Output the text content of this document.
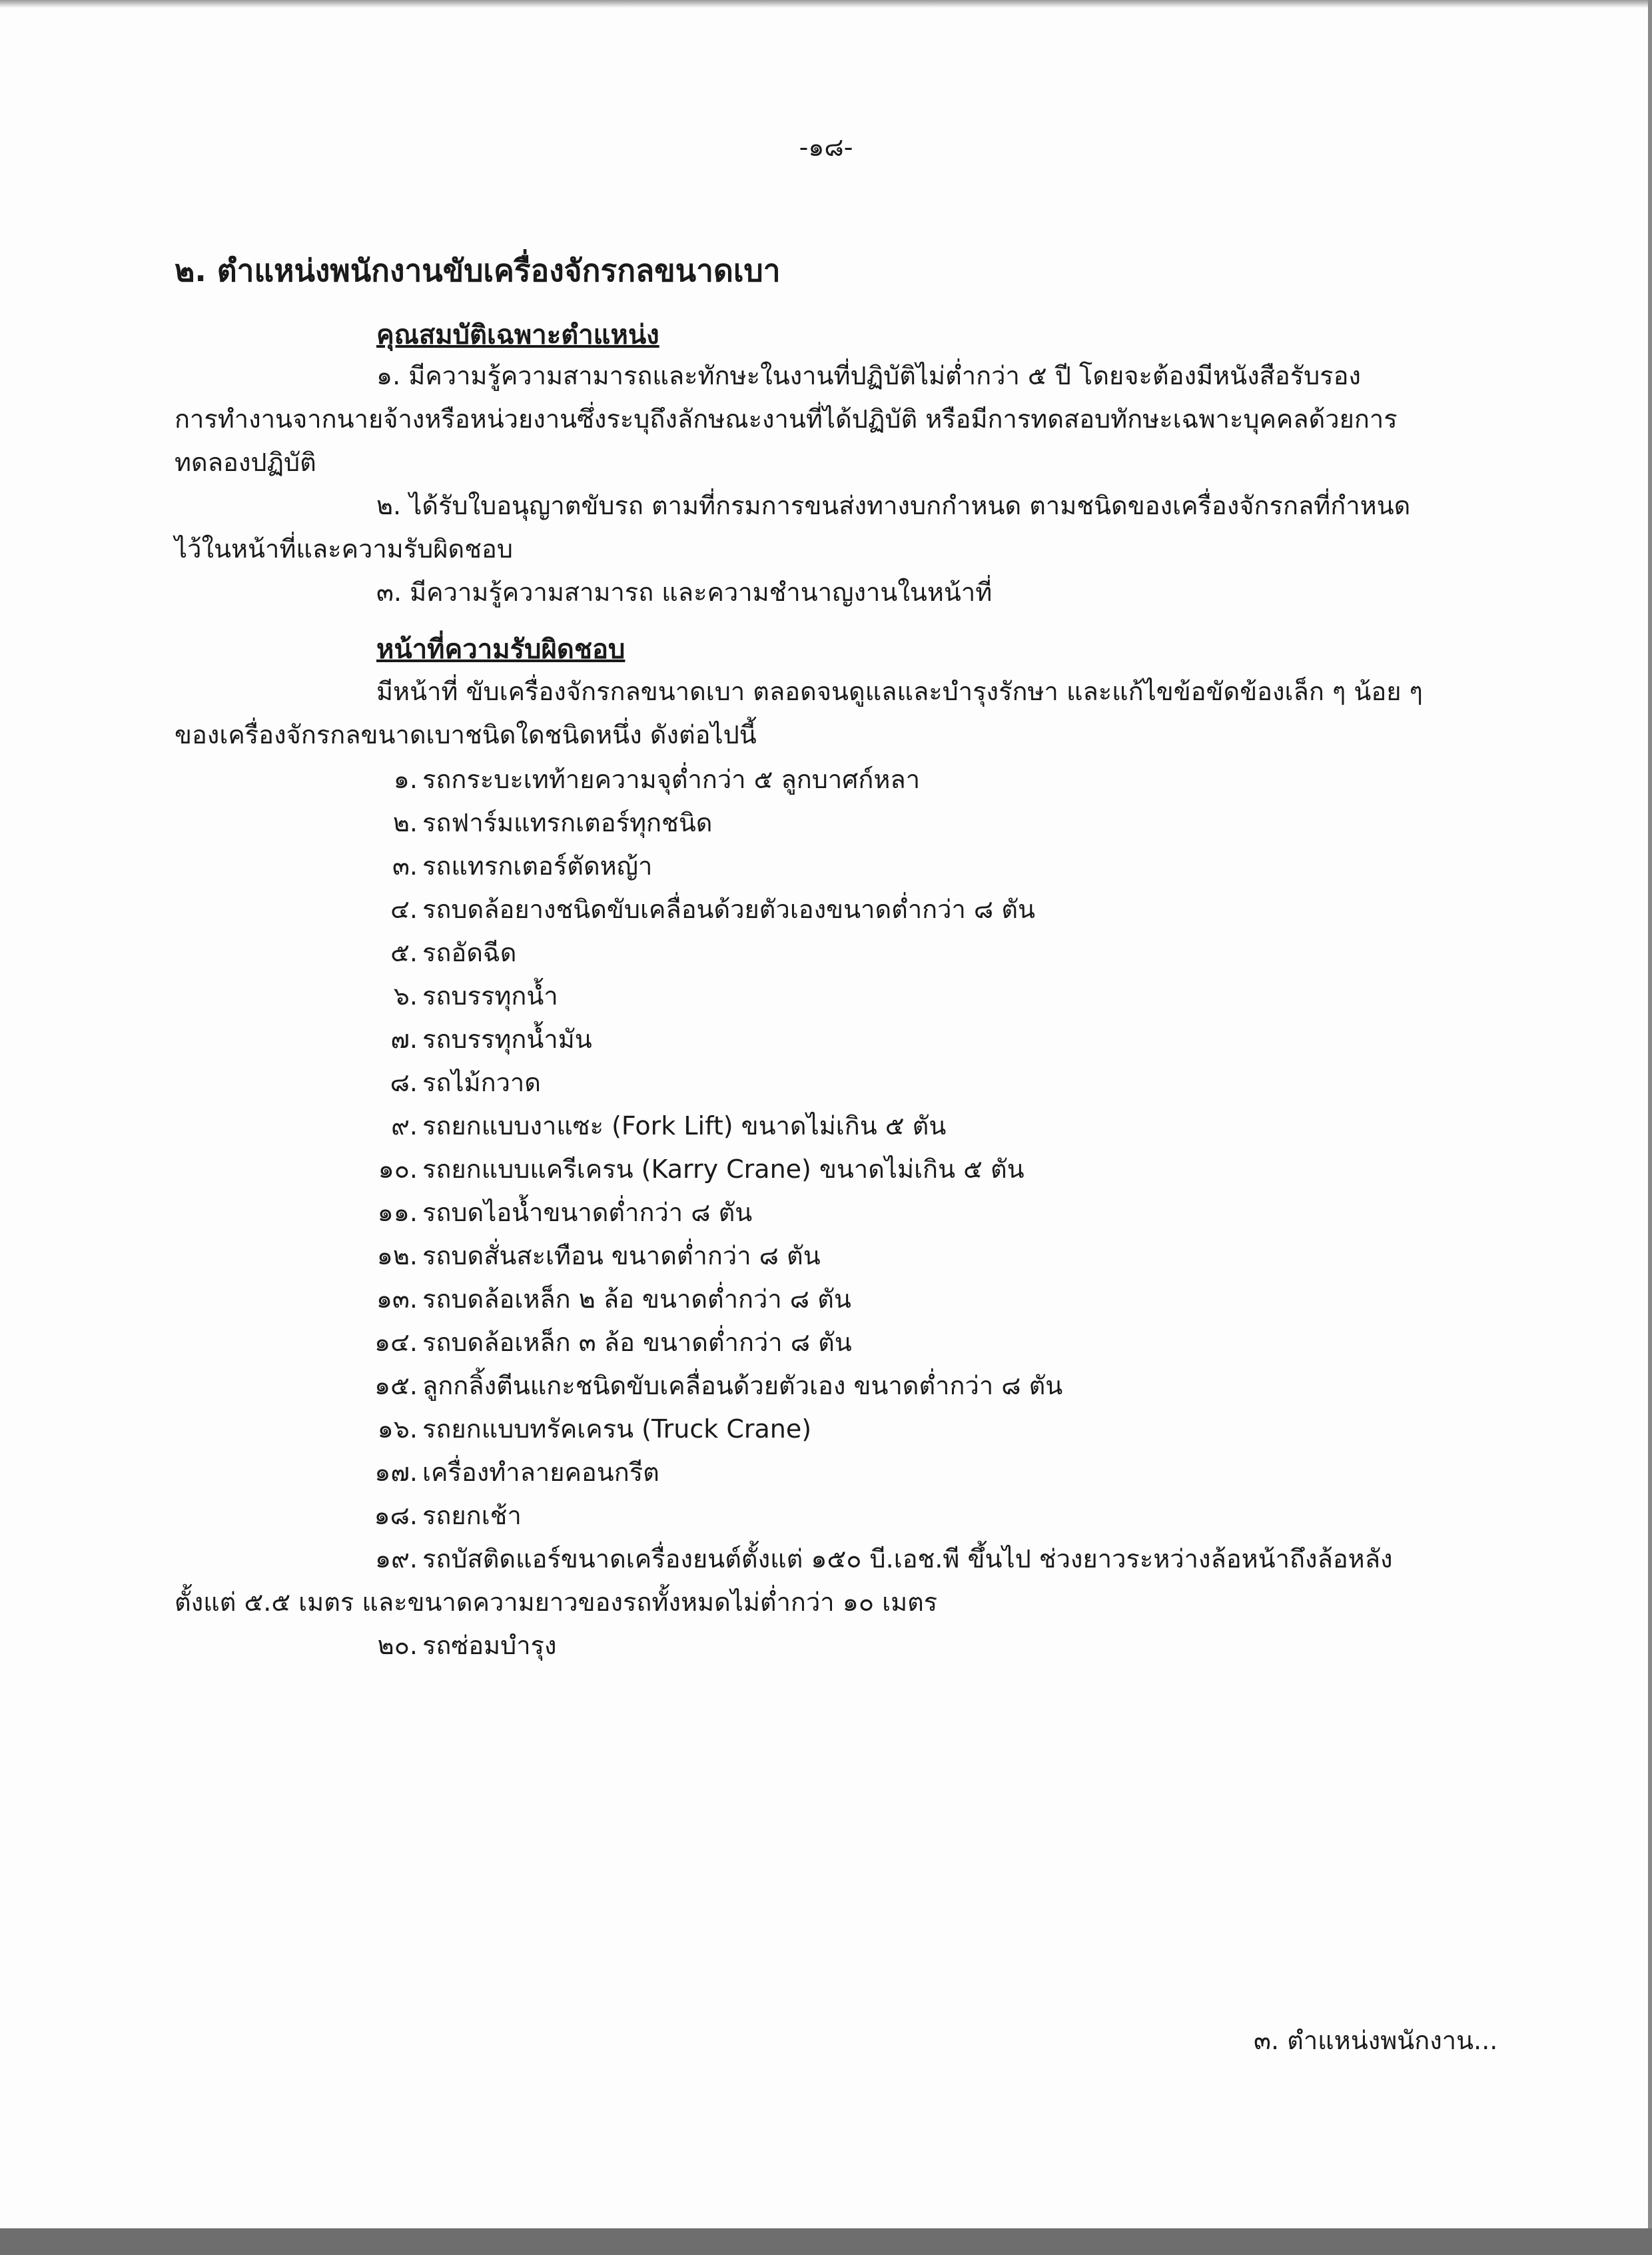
-๑๘-
๒. ตำแหน่งพนักงานขับเครื่องจักรกลขนาดเบา
คุณสมบัติเฉพาะตำแหน่ง
๑. มีความรู้ความสามารถและทักษะในงานที่ปฏิบัติไม่ต่ำกว่า ๕ ปี โดยจะต้องมีหนังสือรับรอง
การทำงานจากนายจ้างหรือหน่วยงานซึ่งระบุถึงลักษณะงานที่ได้ปฏิบัติ หรือมีการทดสอบทักษะเฉพาะบุคคลด้วยการ
ทดลองปฏิบัติ
๒. ได้รับใบอนุญาตขับรถ ตามที่กรมการขนส่งทางบกกำหนด ตามชนิดของเครื่องจักรกลที่กำหนด
ไว้ในหน้าที่และความรับผิดชอบ
๓. มีความรู้ความสามารถ และความชำนาญงานในหน้าที่
หน้าที่ความรับผิดชอบ
มีหน้าที่ ขับเครื่องจักรกลขนาดเบา ตลอดจนดูแลและบำรุงรักษา และแก้ไขข้อขัดข้องเล็ก ๆ น้อย ๆ
ของเครื่องจักรกลขนาดเบาชนิดใดชนิดหนึ่ง ดังต่อไปนี้
๑. รถกระบะเทท้ายความจุต่ำกว่า ๕ ลูกบาศก์หลา
๒. รถฟาร์มแทรกเตอร์ทุกชนิด
๓. รถแทรกเตอร์ตัดหญ้า
๔. รถบดล้อยางชนิดขับเคลื่อนด้วยตัวเองขนาดต่ำกว่า ๘ ตัน
๕. รถอัดฉีด
๖. รถบรรทุกน้ำ
๗. รถบรรทุกน้ำมัน
๘. รถไม้กวาด
๙. รถยกแบบงาแซะ (Fork Lift) ขนาดไม่เกิน ๕ ตัน
๑๐. รถยกแบบแครีเครน (Karry Crane) ขนาดไม่เกิน ๕ ตัน
๑๑. รถบดไอน้ำขนาดต่ำกว่า ๘ ตัน
๑๒. รถบดสั่นสะเทือน ขนาดต่ำกว่า ๘ ตัน
๑๓. รถบดล้อเหล็ก ๒ ล้อ ขนาดต่ำกว่า ๘ ตัน
๑๔. รถบดล้อเหล็ก ๓ ล้อ ขนาดต่ำกว่า ๘ ตัน
๑๕. ลูกกลิ้งตีนแกะชนิดขับเคลื่อนด้วยตัวเอง ขนาดต่ำกว่า ๘ ตัน
๑๖. รถยกแบบทรัคเครน (Truck Crane)
๑๗. เครื่องทำลายคอนกรีต
๑๘. รถยกเช้า
๑๙. รถบัสติดแอร์ขนาดเครื่องยนต์ตั้งแต่ ๑๕๐ บี.เอช.พี ขึ้นไป ช่วงยาวระหว่างล้อหน้าถึงล้อหลัง
ตั้งแต่ ๕.๕ เมตร และขนาดความยาวของรถทั้งหมดไม่ต่ำกว่า ๑๐ เมตร
๒๐. รถซ่อมบำรุง
๓. ตำแหน่งพนักงาน...
